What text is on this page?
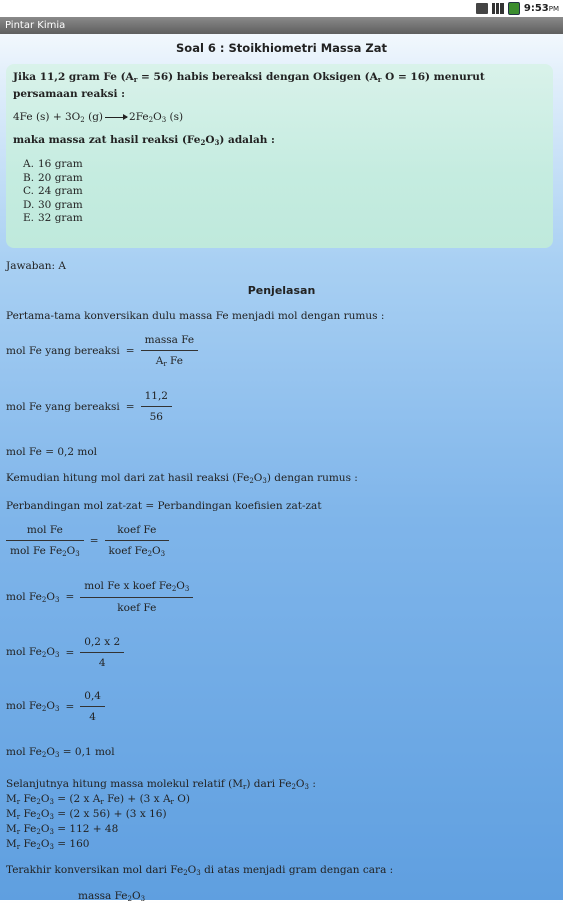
9:53PM
Pintar Kimia
Soal 6 : Stoikhiometri Massa Zat

Jika 11,2 gram Fe $(A_r = 56)$ habis bereaksi dengan Oksigen ($A_r$ O = 16) menurut persamaan reaksi :

4Fe $(s) + 3O_2$ $(g) \to 2Fe_2O_3$ (s)

maka massa zat hasil reaksi $(Fe_2O_3)$ adalah :

A. 16 gram
B. 20 gram
C. 24 gram
D. 30 gram
E. 32 gram
Jawaban: A
Penjelasan
Pertama-tama konversikan dulu massa Fe menjadi mol dengan rumus :
mol Fe yang bereaksi = $\frac{\text{massa Fe}}{A_r Fe}$
mol Fe yang bereaksi = $\frac{11,2}{56}$
mol Fe = 0,2 mol
Kemudian hitung mol dari zat hasil reaksi $(Fe_2O_3)$ dengan rumus :
Perbandingan mol zat-zat = Perbandingan koefisien zat-zat
$\frac{\text{mol Fe}}{mol Fe Fe_2O_3} = \frac{\text{koef Fe}}{koef Fe_2O_3}$
mol $Fe_2O_3 = \frac{mol Fe x koef Fe_2O_3}{\text{koef Fe}}$
mol $Fe_2O_3 = \frac{0,2 x 2}{4}$
mol $Fe_2O_3 = \frac{0,4}{4}$
mol $Fe_2O_3 = 0,1$ mol
Selanjutnya hitung massa molekul relatif $(M_r)$ dari $Fe_2O_3$ :
$M_r$ $Fe_2O_3 = (2$ x $A_r$ Fe) + (3 x $A_r$ O)
$M_r$ $Fe_2O_3 = (2$ x 56) + (3 x 16)
$M_r$ $Fe_2O_3 = 112 + 48$
$M_r$ $Fe_2O_3 = 160$
Terakhir konversikan mol dari $Fe_2O_3$ di atas menjadi gram dengan cara :
massa $Fe_2O_3$
